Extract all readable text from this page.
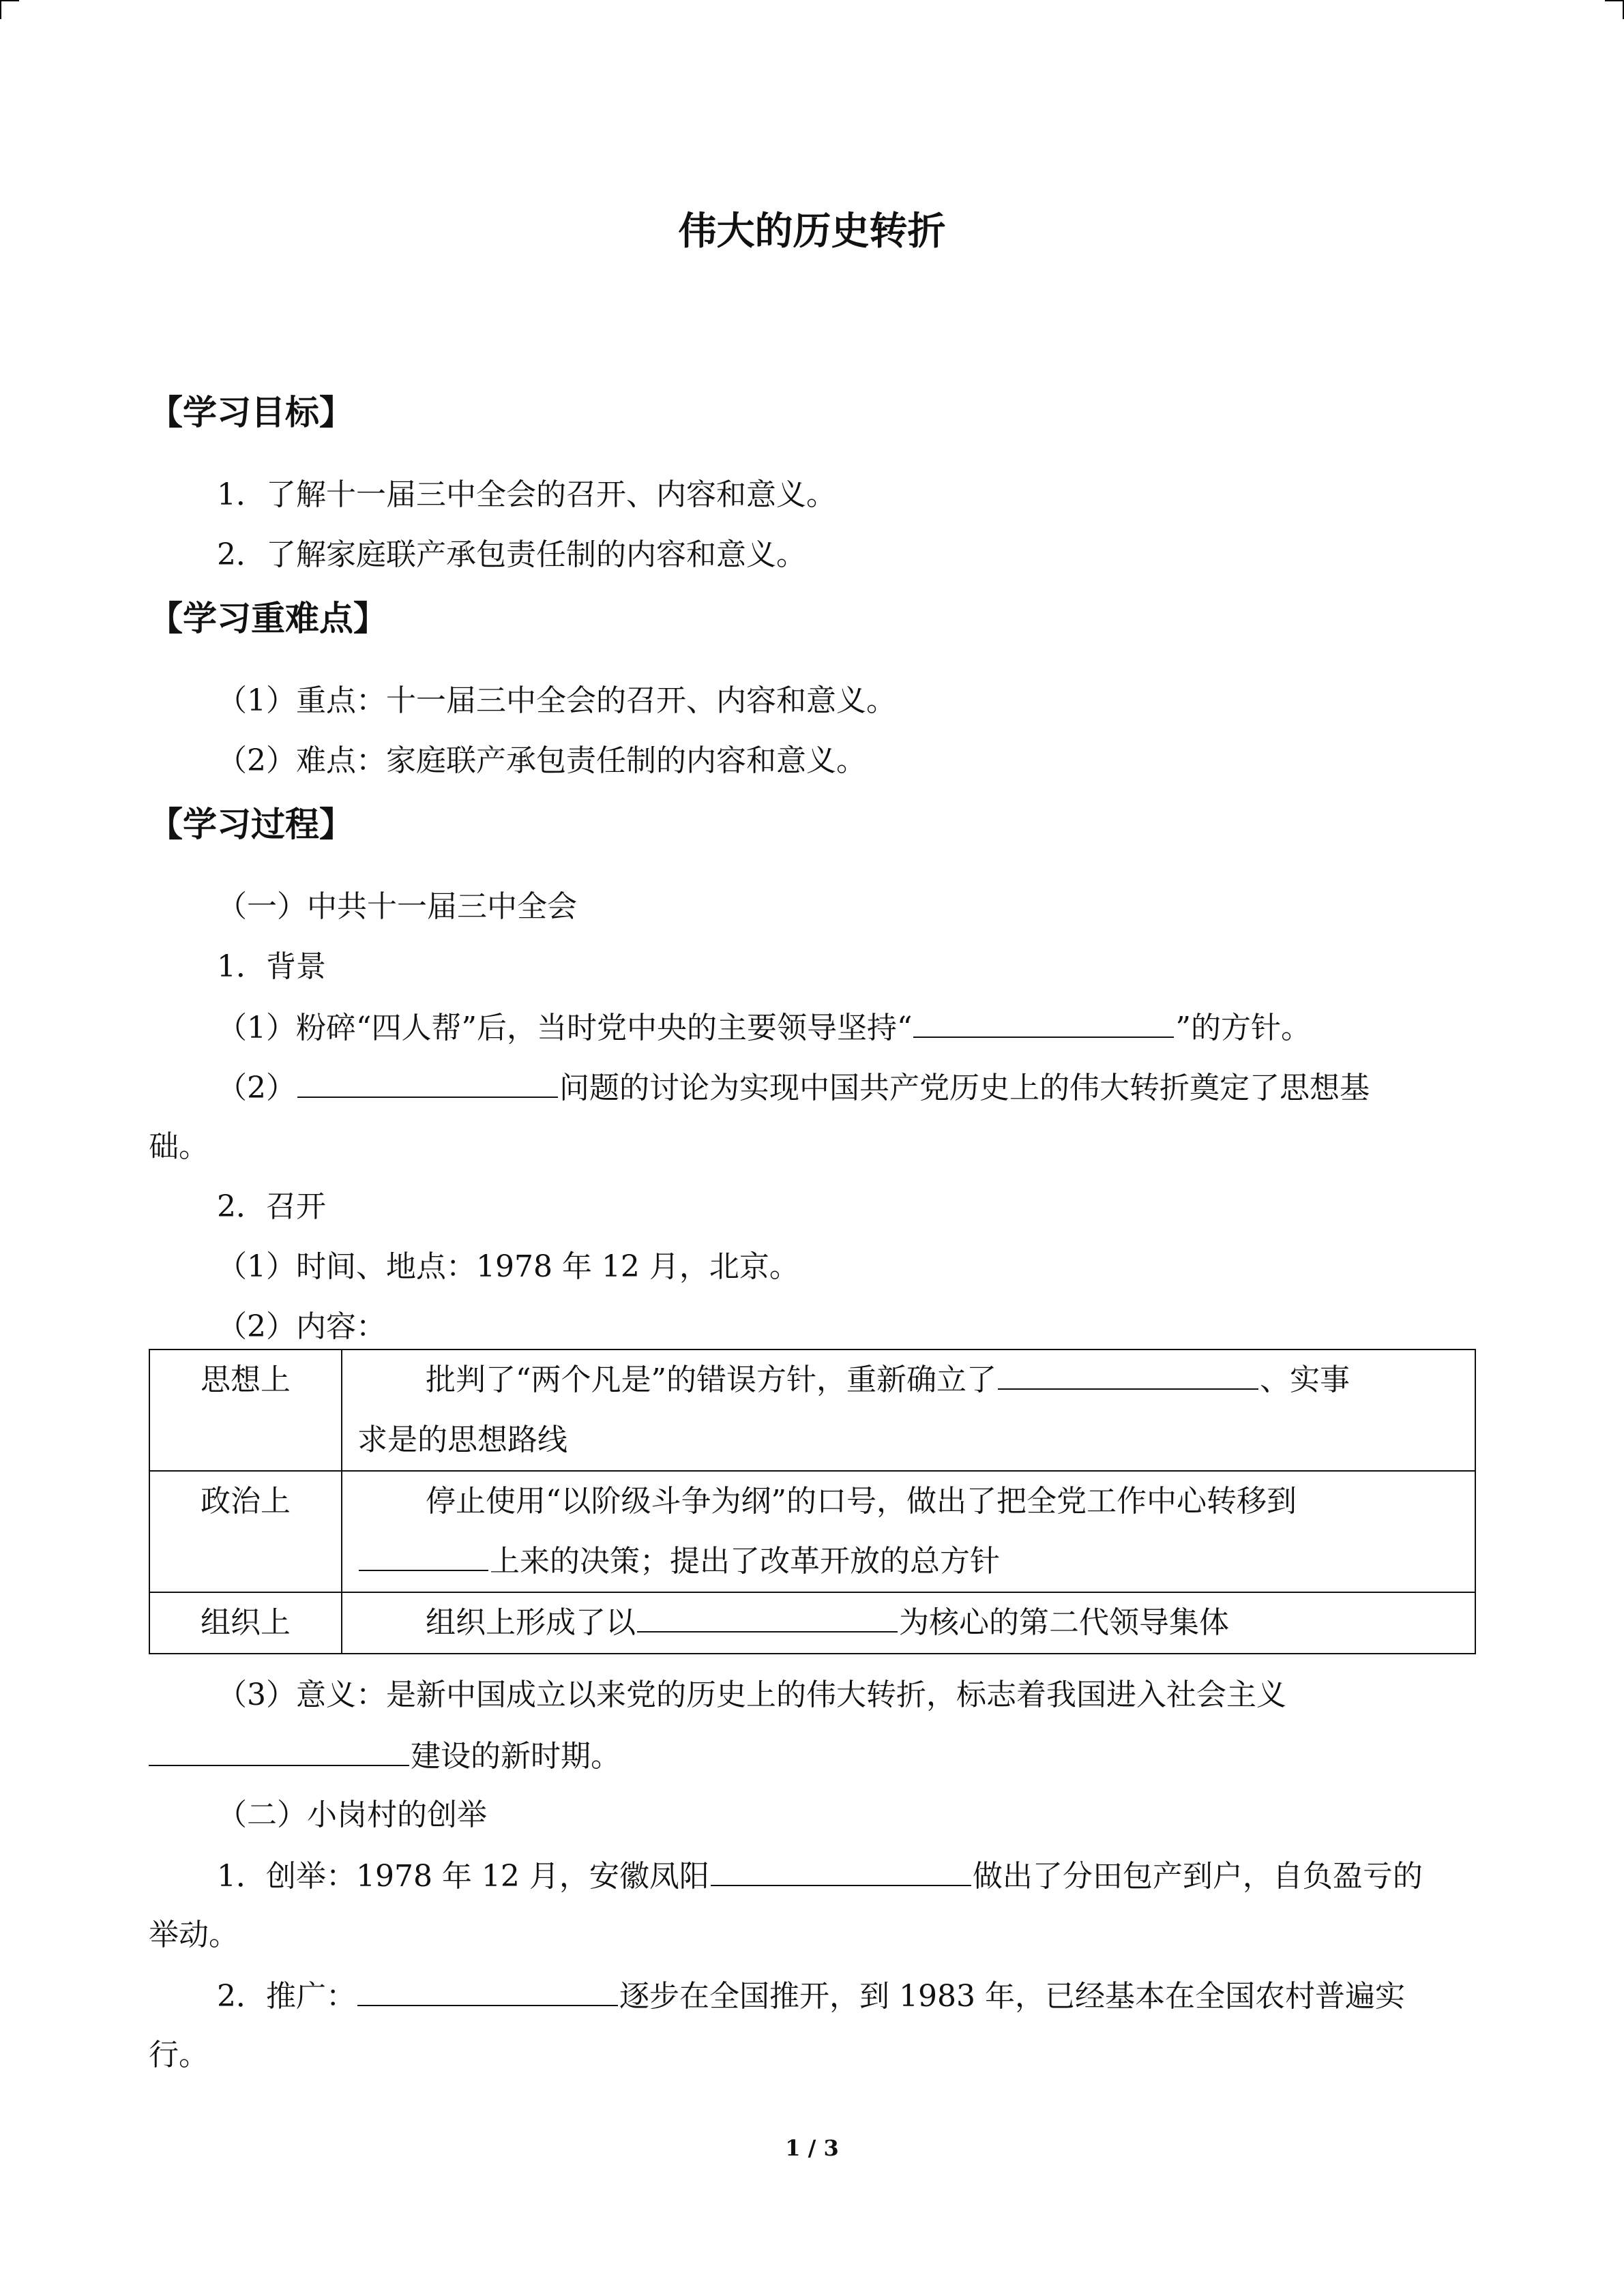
伟大的历史转折
【学习目标】
1．了解十一届三中全会的召开、内容和意义。
2．了解家庭联产承包责任制的内容和意义。
【学习重难点】
（1）重点：十一届三中全会的召开、内容和意义。
（2）难点：家庭联产承包责任制的内容和意义。
【学习过程】
（一）中共十一届三中全会
1．背景
（1）粉碎“四人帮”后，当时党中央的主要领导坚持“	”的方针。
（2）	问题的讨论为实现中国共产党历史上的伟大转折奠定了思想基
础。
2．召开
（1）时间、地点：1978 年 12 月，北京。
（2）内容：
思想上	批判了“两个凡是”的错误方针，重新确立了 、实事
求是的思想路线

政治上	停止使用“以阶级斗争为纲”的口号，做出了把全党工作中心转移到
上来的决策；提出了改革开放的总方针

组织上	组织上形成了以 为核心的第二代领导集体
（3）意义：是新中国成立以来党的历史上的伟大转折，标志着我国进入社会主义
建设的新时期。
（二）小岗村的创举
1．创举：1978 年 12 月，安徽凤阳	做出了分田包产到户，自负盈亏的
举动。
2．推广：	逐步在全国推开，到 1983 年，已经基本在全国农村普遍实
行。
1 / 3
